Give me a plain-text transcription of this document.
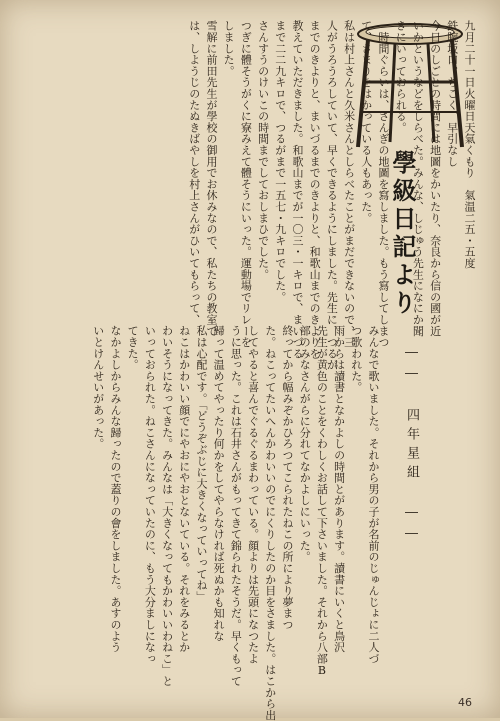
學級日記より
―― 四年星組 ――

九月二十一日火曜日天氣くもり　氣温二五・五度

鉄腕坂口、ちこく、早引なし

今日のしごとの時間には地圖をかいたり、奈良から信の國が近

いかというなどをしらべた。みんな、しじゅう先生になにか聞

きにいっておられる。

一時間ぐらいは、さんぎの地圖を寫しました。もう寫してしまつ

て、さまりをはかっている人もあった。

私は村上さんと久米さんとしらべたことがまだできないので、三

人がうろうろしていて、早くできるようにしました。先生に、つるが

までのきよりと、まいづるまでのきよりと、和歌山までのきよりを

教えていただきました。和歌山までが一〇三・一キロで、まいづる

まで二二九キロで、つるがまで一五七・九キロでした。

さんすうのけいこの時間までしておしまひでした。

つぎに體そうがくに寮みえて體そうにいった。運動場でリレーを

しました。

雪解に前田先生が學校の御用でお休みなので、私たちの教室で

は、しようじのたぬきばやしを村上さんがひいてもらって、

みんなで歌いました。それから男の子が名前のじゅんじょに二人づ

つ歌われた。

雨からは讀書となかよしの時間とがあります。讀書にいくと鳥沢

先生が黄色のことをくわしくお話して下さいました。それから八部B

部のみなさんがらに分れてなかよしにいった。

終ってから幅みぞかひろつてこられたねこの所により夢まつ

た。ねこってたいへんかわいいのでにくりしたのか目をさました。はこから出

してやると喜んでぐるぐるまわっている。顔よりは先頭になつたよ

うに思った。これは石井さんがもってきて錦られたそうだ。早くもって

歸って温めてやったり何かをしてやらなければ死ぬかも知れな

私は心配です。「どうぞぶじに大きくなっていってね」

ねこはかわいい顔でにやおにやおとないている。それをみるとか

わいそうになってきた。みんなは「大きくなってもかわいいわねこ」と

いっておられた。ねこさんになっていたのに、もう大分ましになっ

てきた。

なかよしからみんな歸ったので蓋りの會をしました。あすのよう

いとけんせいがあった。

46
